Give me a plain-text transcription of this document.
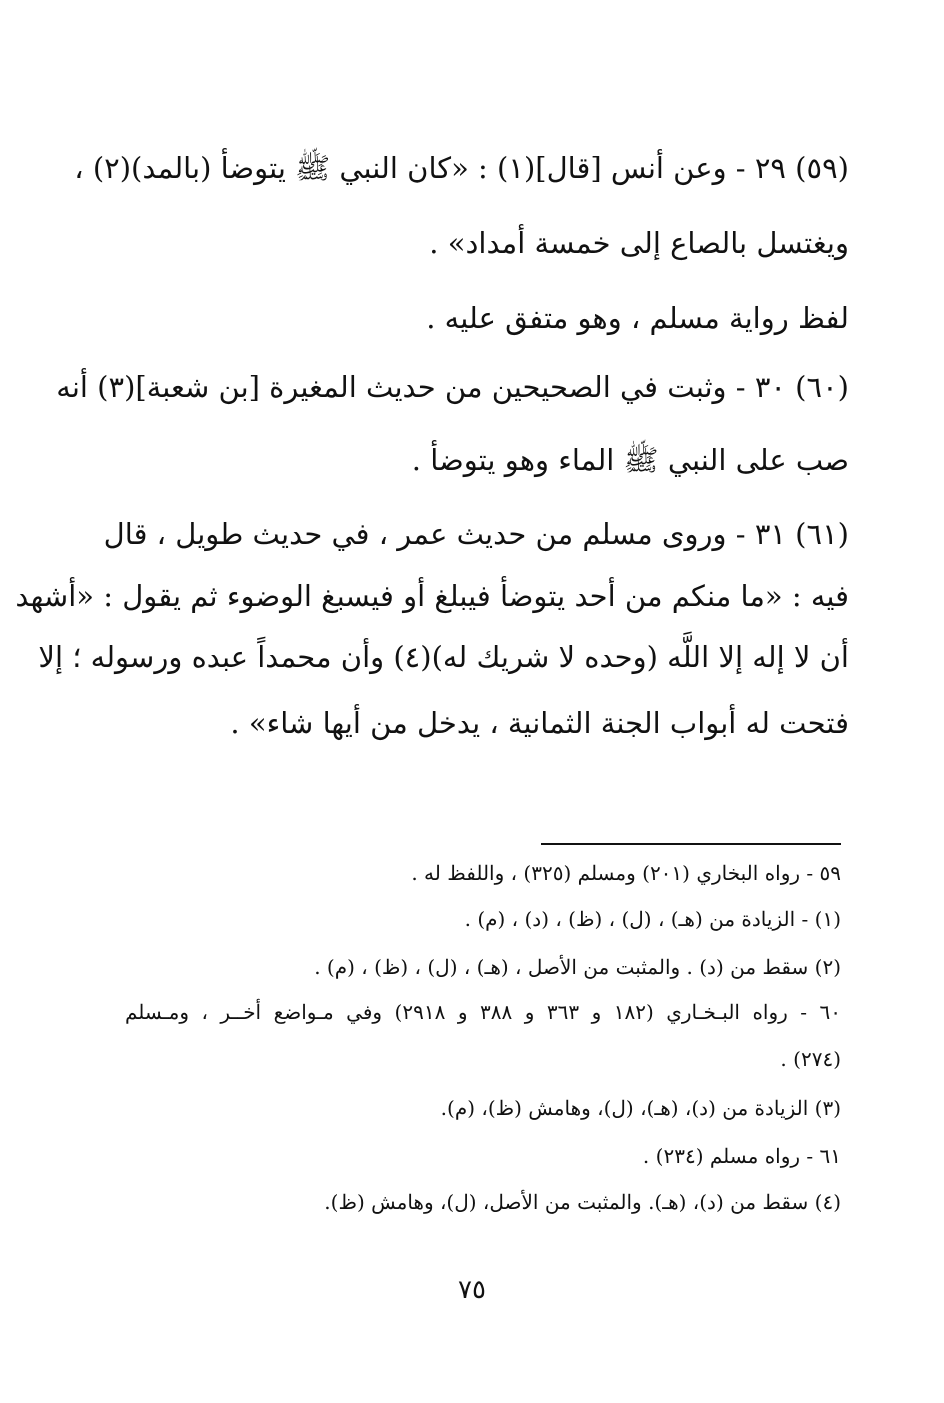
(٥٩) ٢٩ - وعن أنس [قال](١) : «كان النبي ﷺ يتوضأ (بالمد)(٢) ،
ويغتسل بالصاع إلى خمسة أمداد» .
لفظ رواية مسلم ، وهو متفق عليه .
(٦٠) ٣٠ - وثبت في الصحيحين من حديث المغيرة [بن شعبة](٣) أنه
صب على النبي ﷺ الماء وهو يتوضأ .
(٦١) ٣١ - وروى مسلم من حديث عمر ، في حديث طويل ، قال
فيه : «ما منكم من أحد يتوضأ فيبلغ أو فيسبغ الوضوء ثم يقول : «أشهد
أن لا إله إلا اللَّه (وحده لا شريك له)(٤) وأن محمداً عبده ورسوله ؛ إلا
فتحت له أبواب الجنة الثمانية ، يدخل من أيها شاء» .
٥٩ - رواه البخاري (٢٠١) ومسلم (٣٢٥) ، واللفظ له .
(١) - الزيادة من (هـ) ، (ل) ، (ظ) ، (د) ، (م) .
(٢) سقط من (د) . والمثبت من الأصل ، (هـ) ، (ل) ، (ظ) ، (م) .
٦٠ - رواه البـخـاري (١٨٢ و ٣٦٣ و ٣٨٨ و ٢٩١٨) وفي مـواضع أخــر ، ومـسلم
(٢٧٤) .
(٣) الزيادة من (د)، (هـ)، (ل)، وهامش (ظ)، (م).
٦١ - رواه مسلم (٢٣٤) .
(٤) سقط من (د)، (هـ). والمثبت من الأصل، (ل)، وهامش (ظ).
٧٥
